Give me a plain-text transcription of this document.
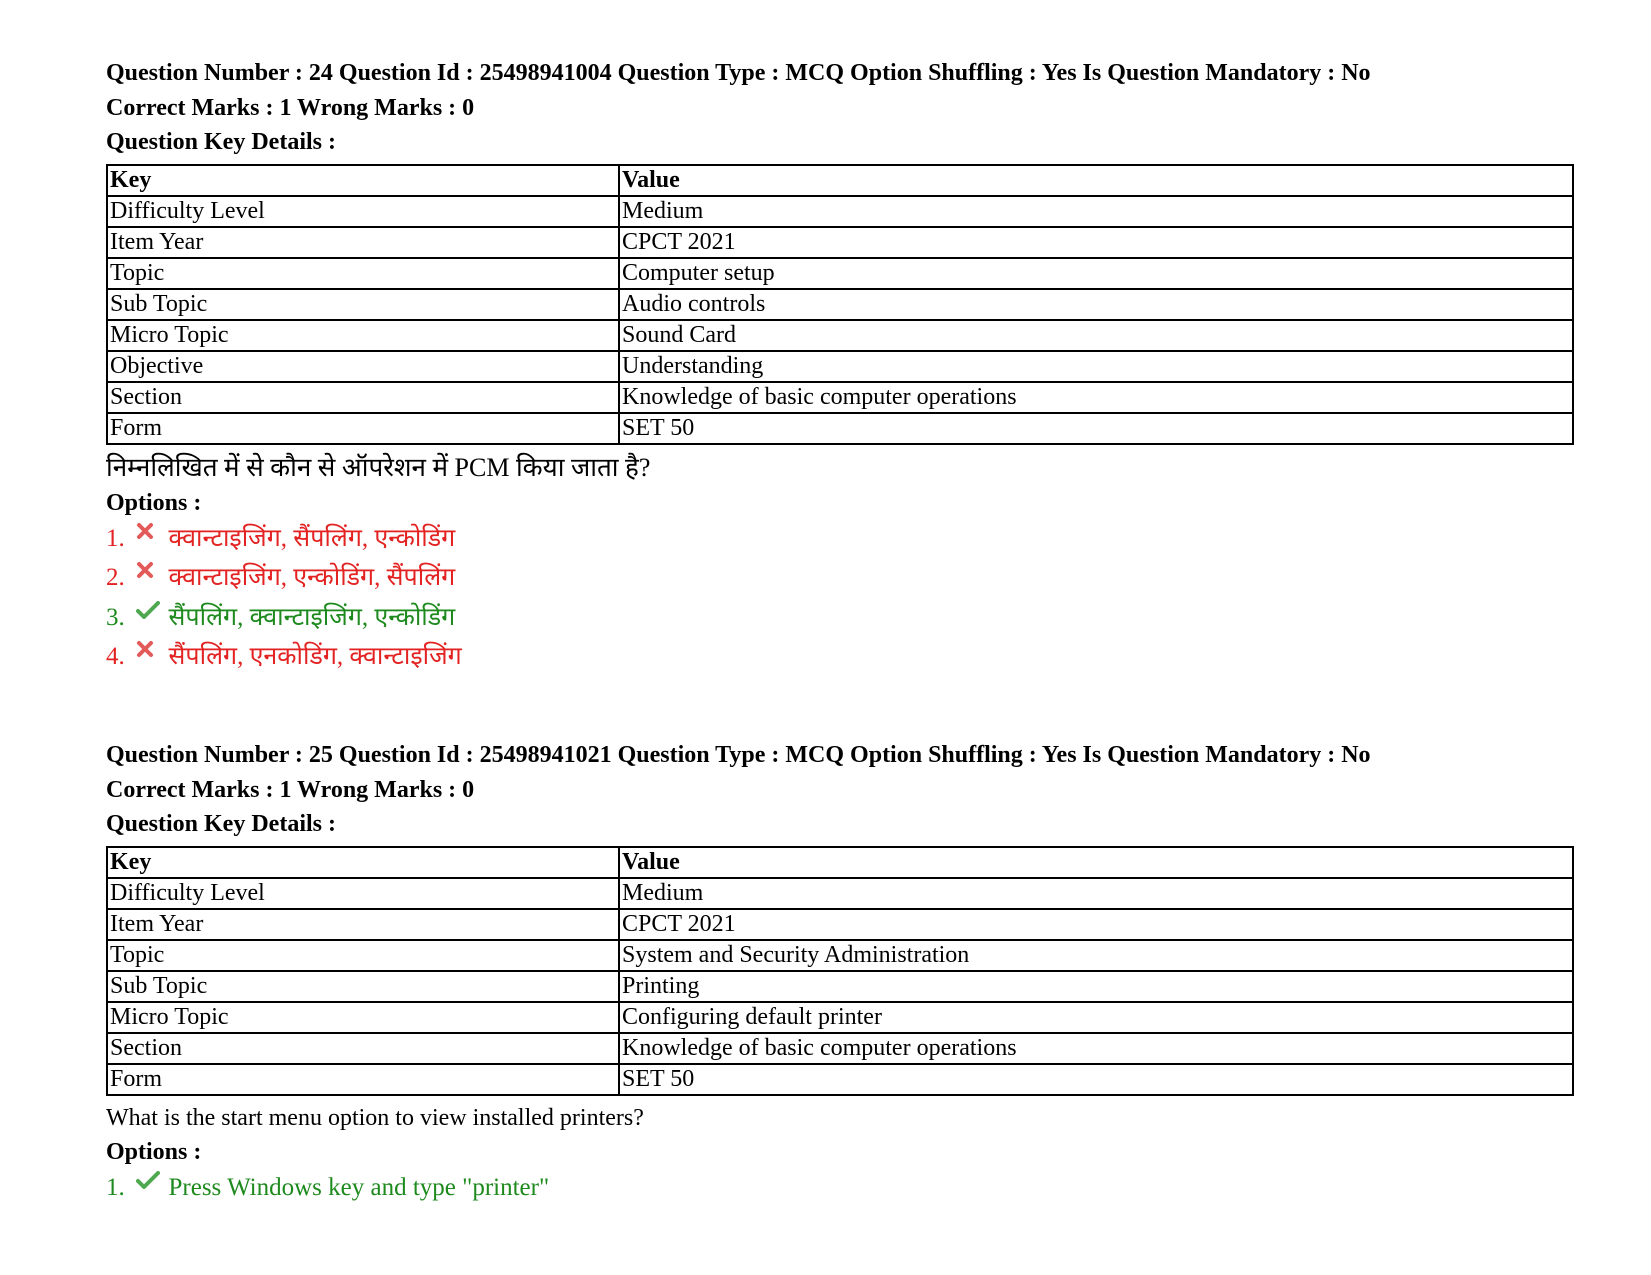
Question Number : 24 Question Id : 25498941004 Question Type : MCQ Option Shuffling : Yes Is Question Mandatory : No
Correct Marks : 1 Wrong Marks : 0
Question Key Details :
Key	Value
Difficulty Level	Medium
Item Year	CPCT 2021
Topic	Computer setup
Sub Topic	Audio controls
Micro Topic	Sound Card
Objective	Understanding
Section	Knowledge of basic computer operations
Form	SET 50
निम्नलिखित में से कौन से ऑपरेशन में PCM किया जाता है?
Options :
1. क्वान्टाइजिंग, सैंपलिंग, एन्कोडिंग
2. क्वान्टाइजिंग, एन्कोडिंग, सैंपलिंग
3. सैंपलिंग, क्वान्टाइजिंग, एन्कोडिंग
4. सैंपलिंग, एनकोडिंग, क्वान्टाइजिंग
Question Number : 25 Question Id : 25498941021 Question Type : MCQ Option Shuffling : Yes Is Question Mandatory : No
Correct Marks : 1 Wrong Marks : 0
Question Key Details :
Key	Value
Difficulty Level	Medium
Item Year	CPCT 2021
Topic	System and Security Administration
Sub Topic	Printing
Micro Topic	Configuring default printer
Section	Knowledge of basic computer operations
Form	SET 50
What is the start menu option to view installed printers?
Options :
1. Press Windows key and type "printer"
